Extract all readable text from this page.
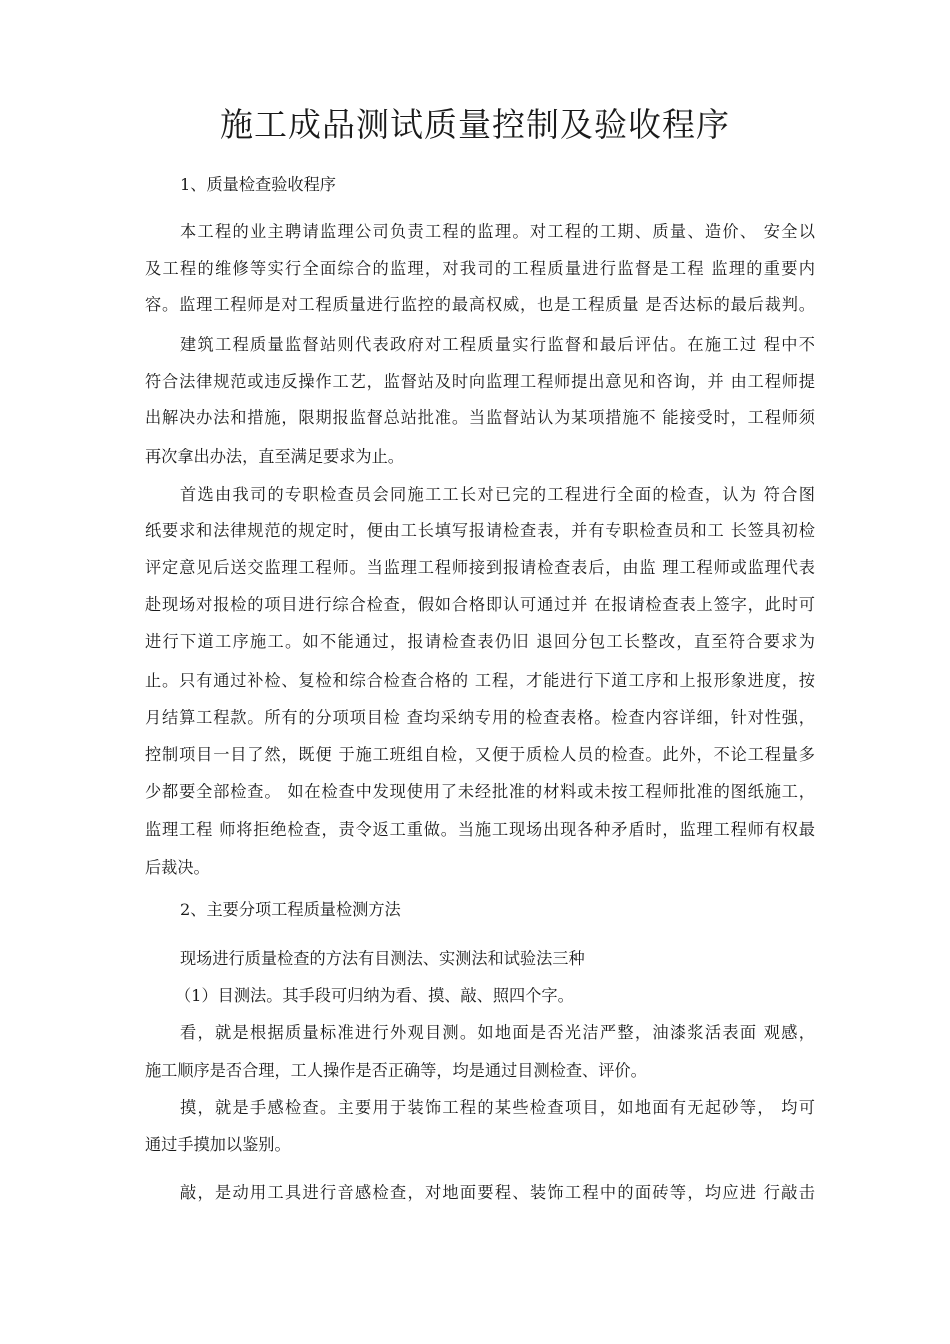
施工成品测试质量控制及验收程序
1、质量检查验收程序
本工程的业主聘请监理公司负责工程的监理。对工程的工期、质量、造价、 安全以
及工程的维修等实行全面综合的监理，对我司的工程质量进行监督是工程 监理的重要内
容。监理工程师是对工程质量进行监控的最高权威，也是工程质量 是否达标的最后裁判。
建筑工程质量监督站则代表政府对工程质量实行监督和最后评估。在施工过 程中不
符合法律规范或违反操作工艺，监督站及时向监理工程师提出意见和咨询，并 由工程师提
出解决办法和措施，限期报监督总站批准。当监督站认为某项措施不 能接受时，工程师须
再次拿出办法，直至满足要求为止。
首选由我司的专职检查员会同施工工长对已完的工程进行全面的检查，认为 符合图
纸要求和法律规范的规定时，便由工长填写报请检查表，并有专职检查员和工 长签具初检
评定意见后送交监理工程师。当监理工程师接到报请检查表后，由监 理工程师或监理代表
赴现场对报检的项目进行综合检查，假如合格即认可通过并 在报请检查表上签字，此时可
进行下道工序施工。如不能通过，报请检查表仍旧 退回分包工长整改，直至符合要求为
止。只有通过补检、复检和综合检查合格的 工程，才能进行下道工序和上报形象进度，按
月结算工程款。所有的分项项目检 查均采纳专用的检查表格。检查内容详细，针对性强，
控制项目一目了然，既便 于施工班组自检，又便于质检人员的检查。此外，不论工程量多
少都要全部检查。 如在检查中发现使用了未经批准的材料或未按工程师批准的图纸施工，
监理工程 师将拒绝检查，责令返工重做。当施工现场出现各种矛盾时，监理工程师有权最
后裁决。
2、主要分项工程质量检测方法
现场进行质量检查的方法有目测法、实测法和试验法三种
（1）目测法。其手段可归纳为看、摸、敲、照四个字。
看，就是根据质量标准进行外观目测。如地面是否光洁严整，油漆浆活表面 观感，
施工顺序是否合理，工人操作是否正确等，均是通过目测检查、评价。
摸，就是手感检查。主要用于装饰工程的某些检查项目，如地面有无起砂等， 均可
通过手摸加以鉴别。
敲，是动用工具进行音感检查，对地面要程、装饰工程中的面砖等，均应进 行敲击
